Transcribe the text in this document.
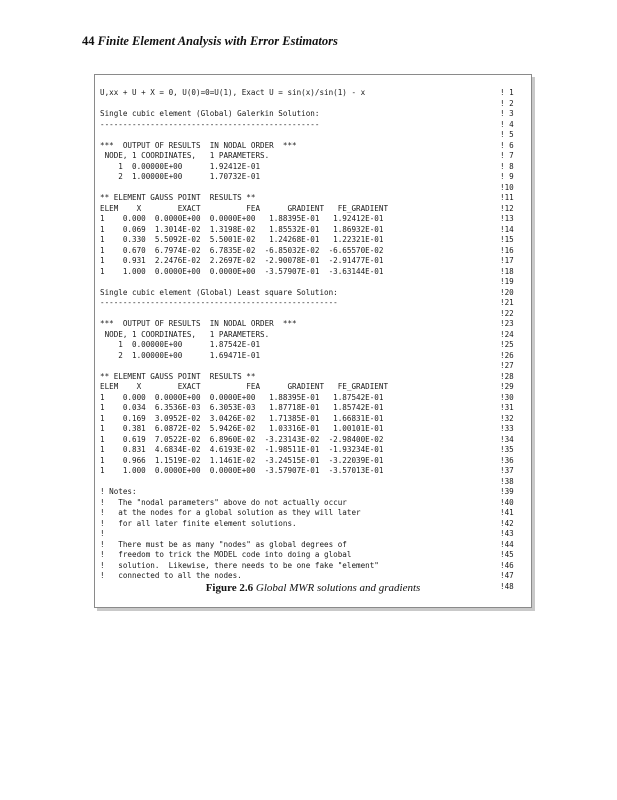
44 Finite Element Analysis with Error Estimators
U,xx + U + X = 0, U(0)=0=U(1), Exact U = sin(x)/sin(1) - x	! 1
! 2
Single cubic element (Global) Galerkin Solution:	! 3
------------------------------------------------	! 4
! 5
***  OUTPUT OF RESULTS  IN NODAL ORDER  ***	! 6
NODE, 1 COORDINATES,   1 PARAMETERS.	! 7
1  0.00000E+00      1.92412E-01	! 8
2  1.00000E+00      1.70732E-01	! 9
!10
** ELEMENT GAUSS POINT  RESULTS **	!11
ELEM    X        EXACT          FEA      GRADIENT   FE_GRADIENT	!12
1    0.000  0.0000E+00  0.0000E+00   1.88395E-01   1.92412E-01	!13
1    0.069  1.3014E-02  1.3198E-02   1.85532E-01   1.86932E-01	!14
1    0.330  5.5092E-02  5.5001E-02   1.24268E-01   1.22321E-01	!15
1    0.670  6.7974E-02  6.7835E-02  -6.85032E-02  -6.65570E-02	!16
1    0.931  2.2476E-02  2.2697E-02  -2.90078E-01  -2.91477E-01	!17
1    1.000  0.0000E+00  0.0000E+00  -3.57907E-01  -3.63144E-01	!18
!19
Single cubic element (Global) Least square Solution:	!20
----------------------------------------------------	!21
!22
***  OUTPUT OF RESULTS  IN NODAL ORDER  ***	!23
NODE, 1 COORDINATES,   1 PARAMETERS.	!24
1  0.00000E+00      1.87542E-01	!25
2  1.00000E+00      1.69471E-01	!26
!27
** ELEMENT GAUSS POINT  RESULTS **	!28
ELEM    X        EXACT          FEA      GRADIENT   FE_GRADIENT	!29
1    0.000  0.0000E+00  0.0000E+00   1.88395E-01   1.87542E-01	!30
1    0.034  6.3536E-03  6.3053E-03   1.87718E-01   1.85742E-01	!31
1    0.169  3.0952E-02  3.0426E-02   1.71385E-01   1.66831E-01	!32
1    0.381  6.0872E-02  5.9426E-02   1.03316E-01   1.00101E-01	!33
1    0.619  7.0522E-02  6.8960E-02  -3.23143E-02  -2.98400E-02	!34
1    0.831  4.6834E-02  4.6193E-02  -1.98511E-01  -1.93234E-01	!35
1    0.966  1.1519E-02  1.1461E-02  -3.24515E-01  -3.22039E-01	!36
1    1.000  0.0000E+00  0.0000E+00  -3.57907E-01  -3.57013E-01	!37
!38
! Notes:	!39
!   The "nodal parameters" above do not actually occur	!40
!   at the nodes for a global solution as they will later	!41
!   for all later finite element solutions.	!42
!	!43
!   There must be as many "nodes" as global degrees of	!44
!   freedom to trick the MODEL code into doing a global	!45
!   solution.  Likewise, there needs to be one fake "element"	!46
!   connected to all the nodes.	!47
!48
Figure 2.6 Global MWR solutions and gradients
